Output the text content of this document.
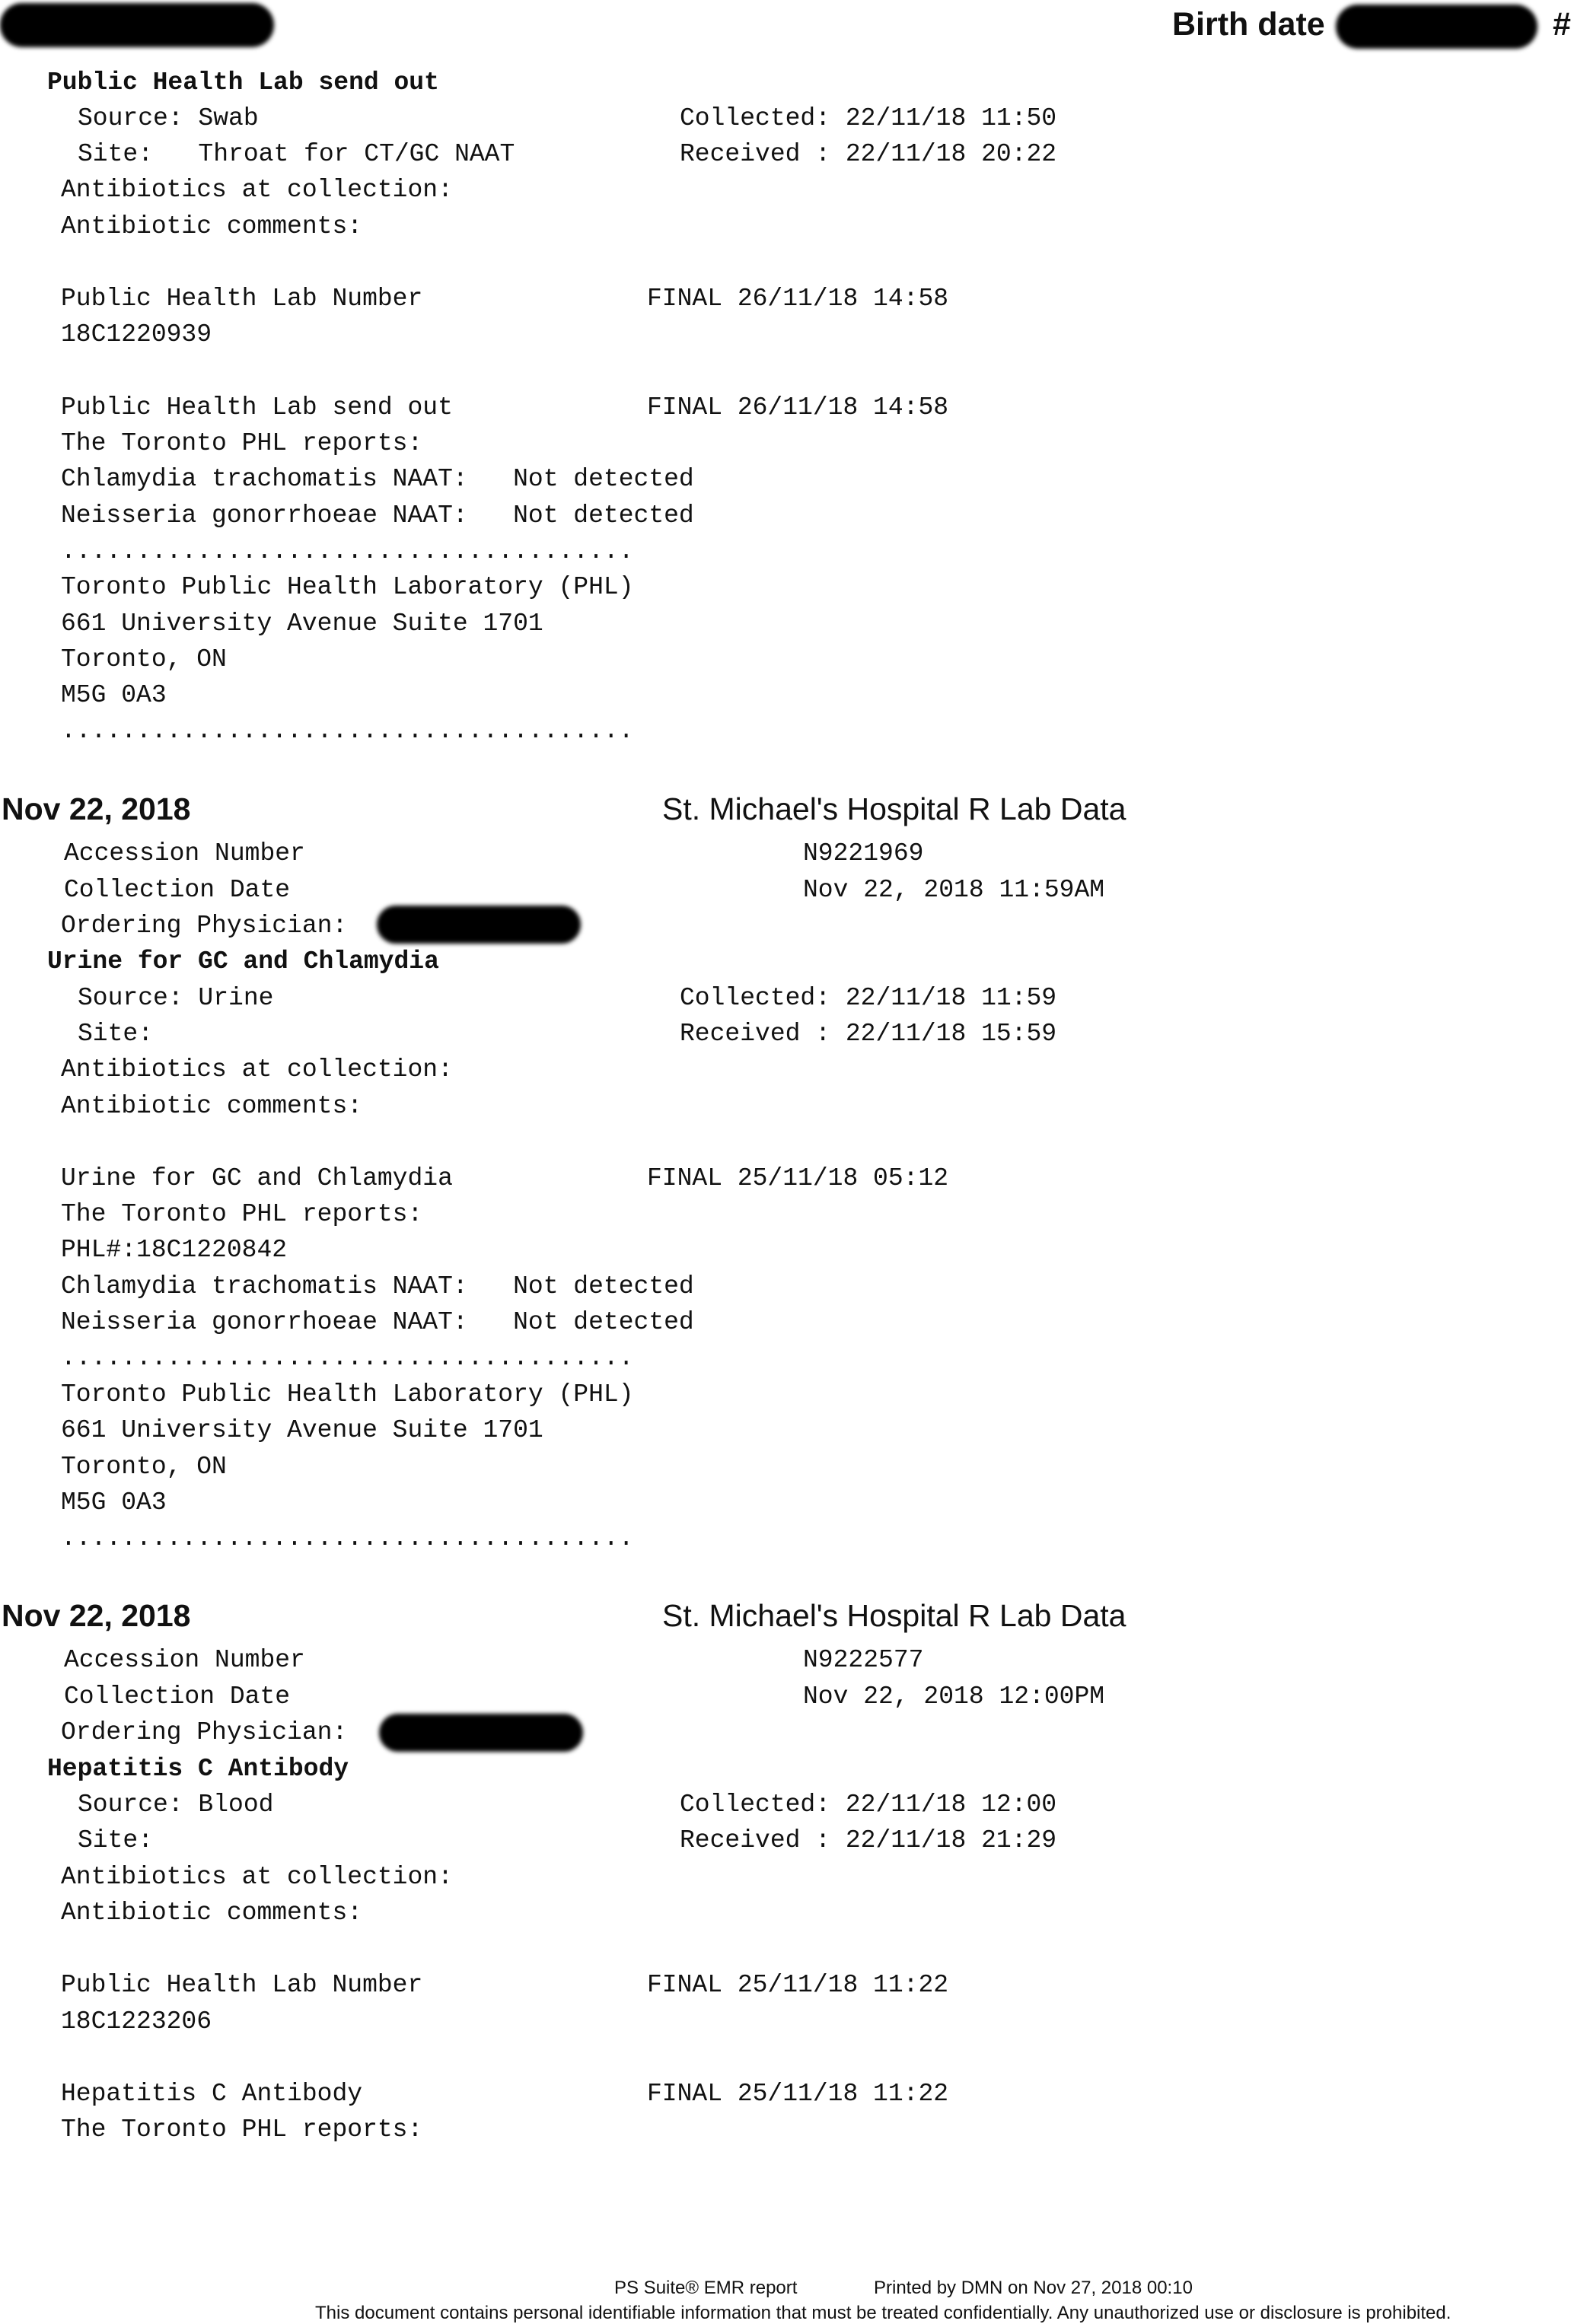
Birth date	#
Public Health Lab send out
Source: Swab	Collected: 22/11/18 11:50
Site:   Throat for CT/GC NAAT	Received : 22/11/18 20:22
Antibiotics at collection:
Antibiotic comments:
Public Health Lab Number	FINAL 26/11/18 14:58
18C1220939
Public Health Lab send out	FINAL 26/11/18 14:58
The Toronto PHL reports:
Chlamydia trachomatis NAAT:   Not detected
Neisseria gonorrhoeae NAAT:   Not detected
......................................
Toronto Public Health Laboratory (PHL)
661 University Avenue Suite 1701
Toronto, ON
M5G 0A3
......................................
Nov 22, 2018	St. Michael's Hospital R Lab Data
Accession Number	N9221969
Collection Date	Nov 22, 2018 11:59AM
Ordering Physician:
Urine for GC and Chlamydia
Source: Urine	Collected: 22/11/18 11:59
Site:	Received : 22/11/18 15:59
Antibiotics at collection:
Antibiotic comments:
Urine for GC and Chlamydia	FINAL 25/11/18 05:12
The Toronto PHL reports:
PHL#:18C1220842
Chlamydia trachomatis NAAT:   Not detected
Neisseria gonorrhoeae NAAT:   Not detected
......................................
Toronto Public Health Laboratory (PHL)
661 University Avenue Suite 1701
Toronto, ON
M5G 0A3
......................................
Nov 22, 2018	St. Michael's Hospital R Lab Data
Accession Number	N9222577
Collection Date	Nov 22, 2018 12:00PM
Ordering Physician:
Hepatitis C Antibody
Source: Blood	Collected: 22/11/18 12:00
Site:	Received : 22/11/18 21:29
Antibiotics at collection:
Antibiotic comments:
Public Health Lab Number	FINAL 25/11/18 11:22
18C1223206
Hepatitis C Antibody	FINAL 25/11/18 11:22
The Toronto PHL reports:
PS Suite® EMR report	Printed by DMN on Nov 27, 2018 00:10
This document contains personal identifiable information that must be treated confidentially. Any unauthorized use or disclosure is prohibited.
